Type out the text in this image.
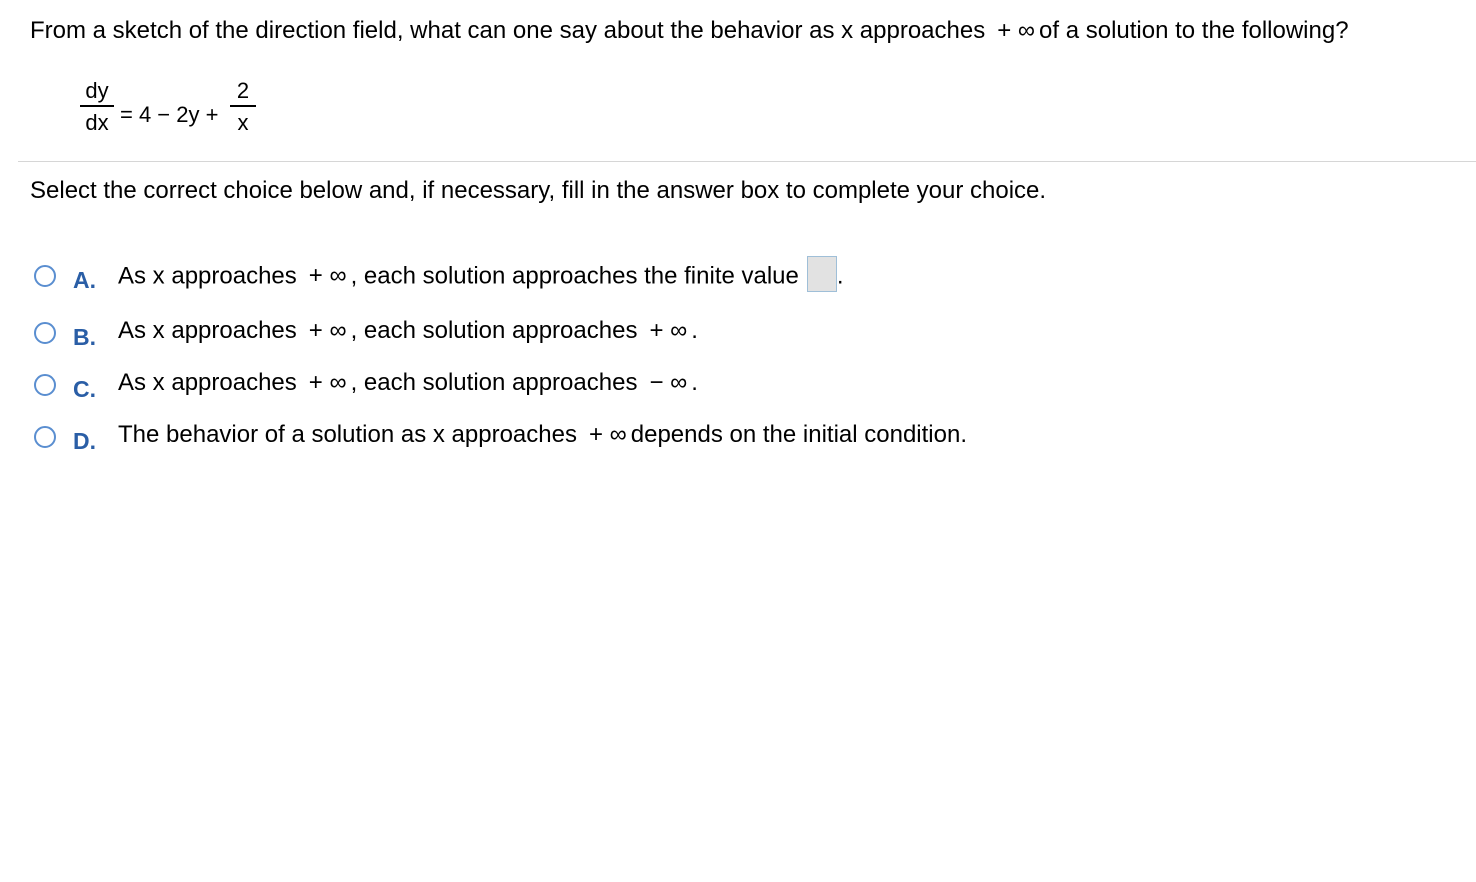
From a sketch of the direction field, what can one say about the behavior as x approaches + ∞ of a solution to the following?
dy
dx = 4 − 2y +
2
x
Select the correct choice below and, if necessary, fill in the answer box to complete your choice.
A. As x approaches + ∞ , each solution approaches the finite value .
B. As x approaches + ∞ , each solution approaches + ∞ .
C. As x approaches + ∞ , each solution approaches − ∞ .
D. The behavior of a solution as x approaches + ∞ depends on the initial condition.
